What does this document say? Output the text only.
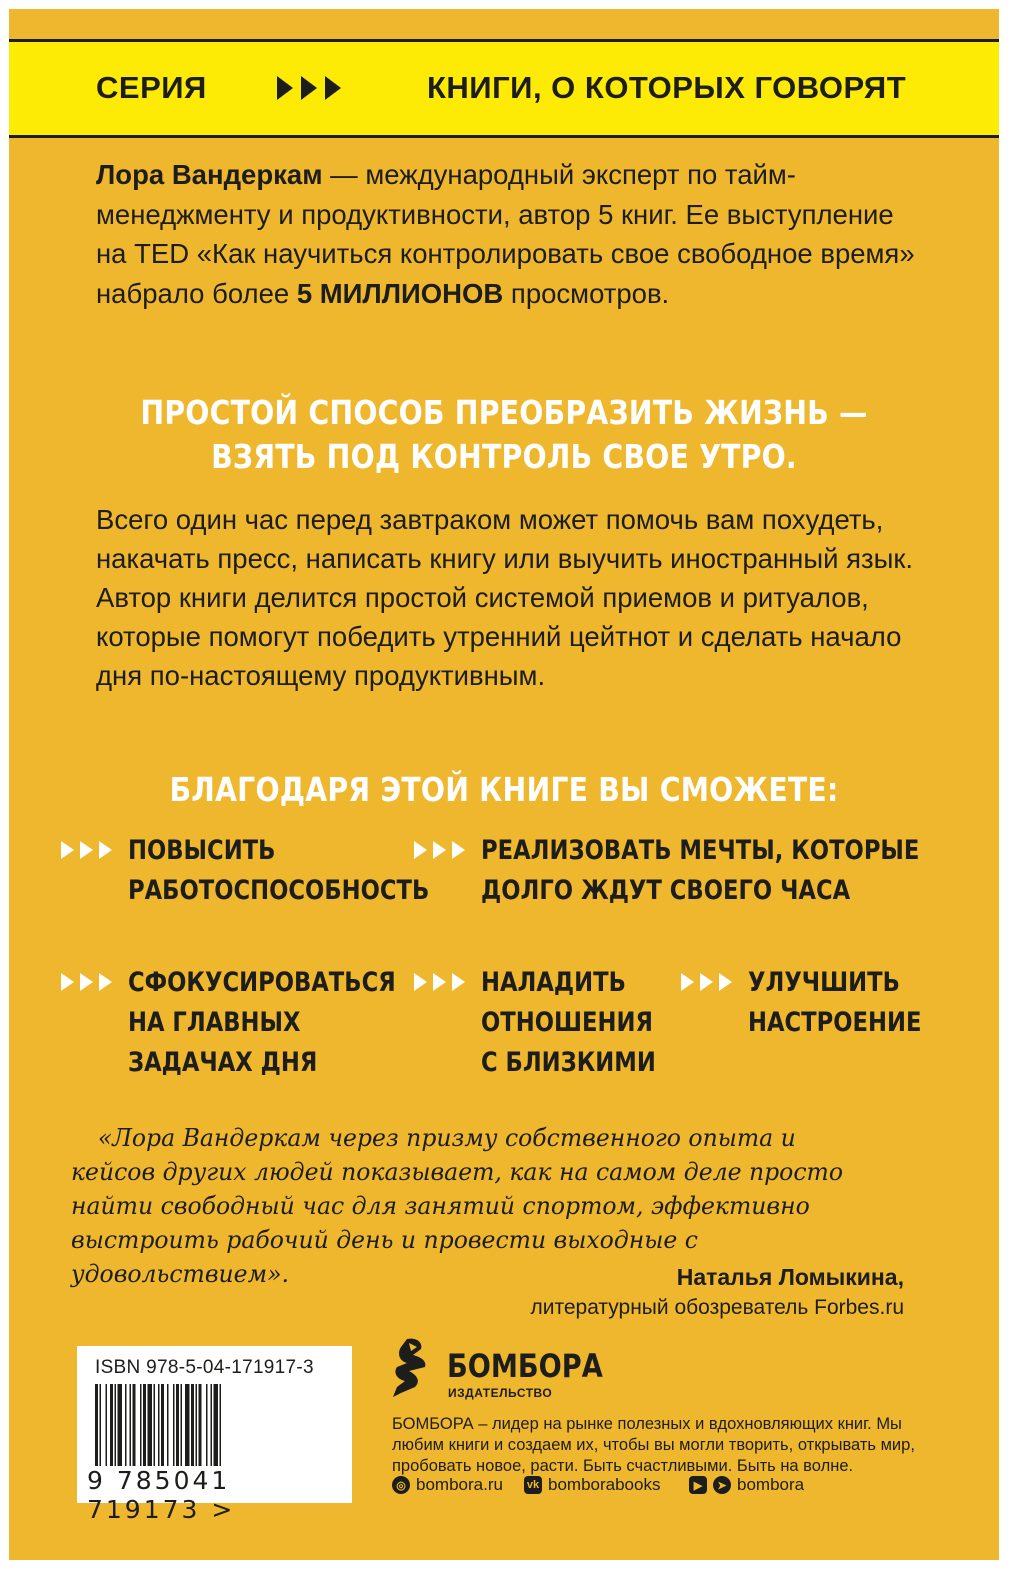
СЕРИЯ	КНИГИ, О КОТОРЫХ ГОВОРЯТ
Лора Вандеркам — международный эксперт по тайм-менеджменту и продуктивности, автор 5 книг. Ее выступление на TED «Как научиться контролировать свое свободное время» набрало более 5 МИЛЛИОНОВ просмотров.
ПРОСТОЙ СПОСОБ ПРЕОБРАЗИТЬ ЖИЗНЬ —
ВЗЯТЬ ПОД КОНТРОЛЬ СВОЕ УТРО.
Всего один час перед завтраком может помочь вам похудеть, накачать пресс, написать книгу или выучить иностранный язык. Автор книги делится простой системой приемов и ритуалов, которые помогут победить утренний цейтнот и сделать начало дня по-настоящему продуктивным.
БЛАГОДАРЯ ЭТОЙ КНИГЕ ВЫ СМОЖЕТЕ:
ПОВЫСИТЬ
РАБОТОСПОСОБНОСТЬ
РЕАЛИЗОВАТЬ МЕЧТЫ, КОТОРЫЕ
ДОЛГО ЖДУТ СВОЕГО ЧАСА
СФОКУСИРОВАТЬСЯ
НА ГЛАВНЫХ
ЗАДАЧАХ ДНЯ
НАЛАДИТЬ
ОТНОШЕНИЯ
С БЛИЗКИМИ
УЛУЧШИТЬ
НАСТРОЕНИЕ
«Лора Вандеркам через призму собственного опыта и кейсов других людей показывает, как на самом деле просто найти свободный час для занятий спортом, эффективно выстроить рабочий день и провести выходные с удовольствием».	Наталья Ломыкина,
литературный обозреватель Forbes.ru
ISBN 978-5-04-171917-3
9 785041 719173 >
БОМБОРА
ИЗДАТЕЛЬСТВО
БОМБОРА – лидер на рынке полезных и вдохновляющих книг. Мы любим книги и создаем их, чтобы вы могли творить, открывать мир, пробовать новое, расти. Быть счастливыми. Быть на волне.
◎ bombora.ru vk bomborabooks	▶	➤ bombora
